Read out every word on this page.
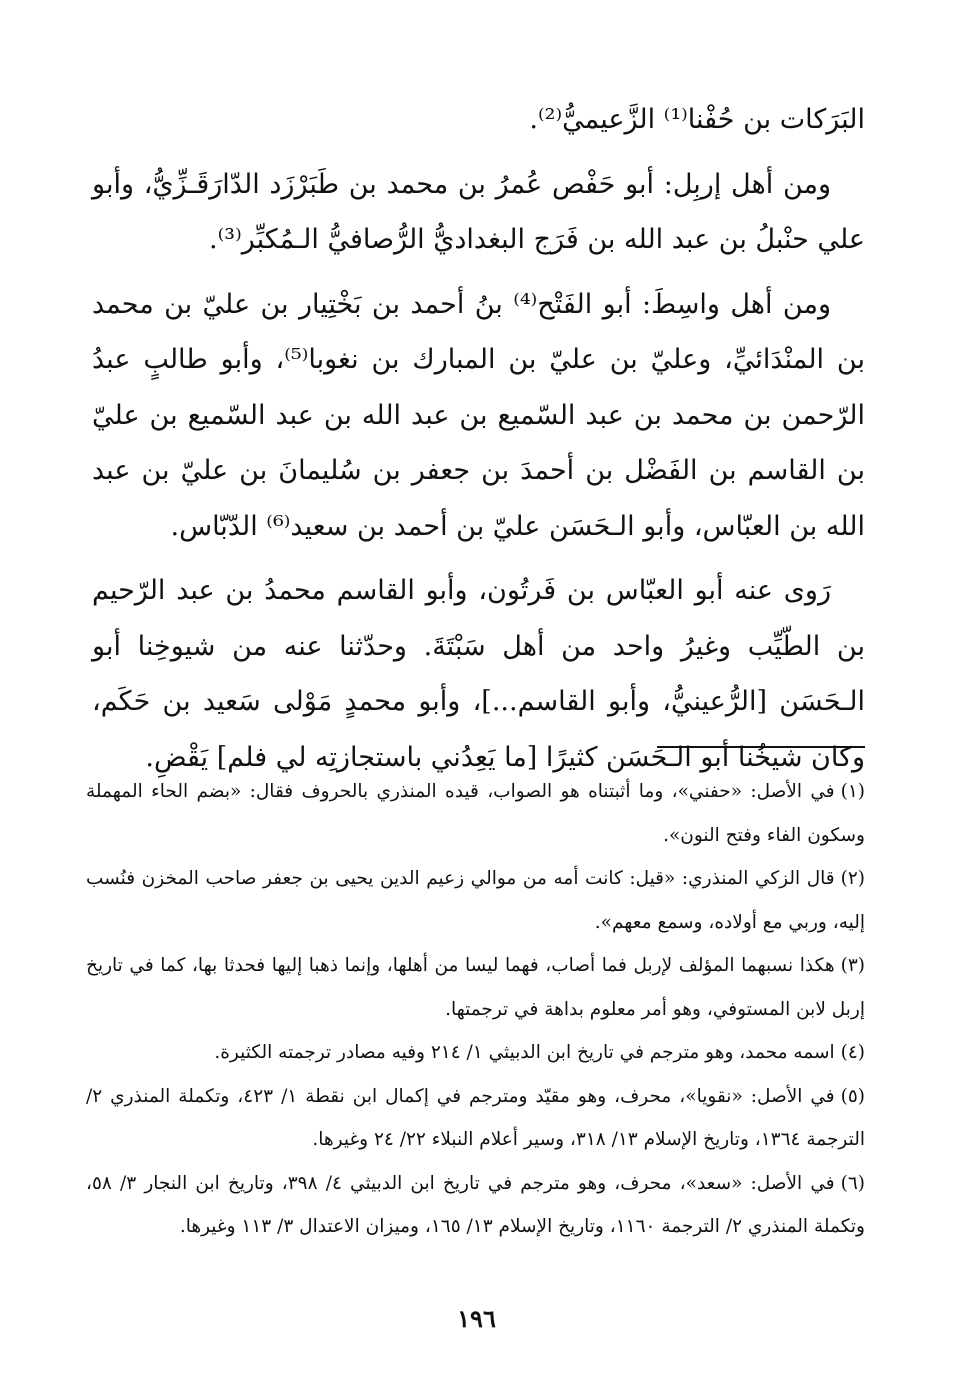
البَرَكات بن حُفْنا⁽¹⁾ الزَّعيميُّ⁽²⁾.

ومن أهل إربِل: أبو حَفْص عُمرُ بن محمد بن طَبَرْزَد الدّارَقَـزِّيُّ، وأبو علي حنْبلُ بن عبد الله بن فَرَج البغداديُّ الرُّصافيُّ الـمُكبِّر⁽³⁾.

ومن أهل واسِطَ: أبو الفَتْح⁽⁴⁾ بنُ أحمد بن بَخْتِيار بن عليّ بن محمد بن المنْدَائيِّ، وعليّ بن عليّ بن المبارك بن نغوبا⁽⁵⁾، وأبو طالبٍ عبدُ الرّحمن بن محمد بن عبد السّميع بن عبد الله بن عبد السّميع بن عليّ بن القاسم بن الفَضْل بن أحمدَ بن جعفر بن سُليمانَ بن عليّ بن عبد الله بن العبّاس، وأبو الـحَسَن عليّ بن أحمد بن سعيد⁽⁶⁾ الدّبّاس.

رَوى عنه أبو العبّاس بن فَرتُون، وأبو القاسم محمدُ بن عبد الرّحيم بن الطّيِّب وغيرُ واحد من أهل سَبْتَةَ. وحدّثنا عنه من شيوخِنا أبو الـحَسَن [الرُّعينيُّ، وأبو القاسم...]، وأبو محمدٍ مَوْلى سَعيد بن حَكَم، وكان شيخُنا أبو الـحَسَن كثيرًا [ما يَعِدُني باستجازتِه لي فلم] يَقْضِ.

(١)في الأصل: «حفني»، وما أثبتناه هو الصواب، قيده المنذري بالحروف فقال: «بضم الحاء المهملة وسكون الفاء وفتح النون».

(٢)قال الزكي المنذري: «قيل: كانت أمه من موالي زعيم الدين يحيى بن جعفر صاحب المخزن فنُسب إليه، وربي مع أولاده، وسمع معهم».

(٣)هكذا نسبهما المؤلف لإربل فما أصاب، فهما ليسا من أهلها، وإنما ذهبا إليها فحدثا بها، كما في تاريخ إربل لابن المستوفي، وهو أمر معلوم بداهة في ترجمتها.

(٤)اسمه محمد، وهو مترجم في تاريخ ابن الدبيثي ١/ ٢١٤ وفيه مصادر ترجمته الكثيرة.

(٥)في الأصل: «نقويا»، محرف، وهو مقيّد ومترجم في إكمال ابن نقطة ١/ ٤٢٣، وتكملة المنذري ٢/ الترجمة ١٣٦٤، وتاريخ الإسلام ١٣/ ٣١٨، وسير أعلام النبلاء ٢٢/ ٢٤ وغيرها.

(٦)في الأصل: «سعد»، محرف، وهو مترجم في تاريخ ابن الدبيثي ٤/ ٣٩٨، وتاريخ ابن النجار ٣/ ٥٨، وتكملة المنذري ٢/ الترجمة ١١٦٠، وتاريخ الإسلام ١٣/ ١٦٥، وميزان الاعتدال ٣/ ١١٣ وغيرها.

١٩٦
